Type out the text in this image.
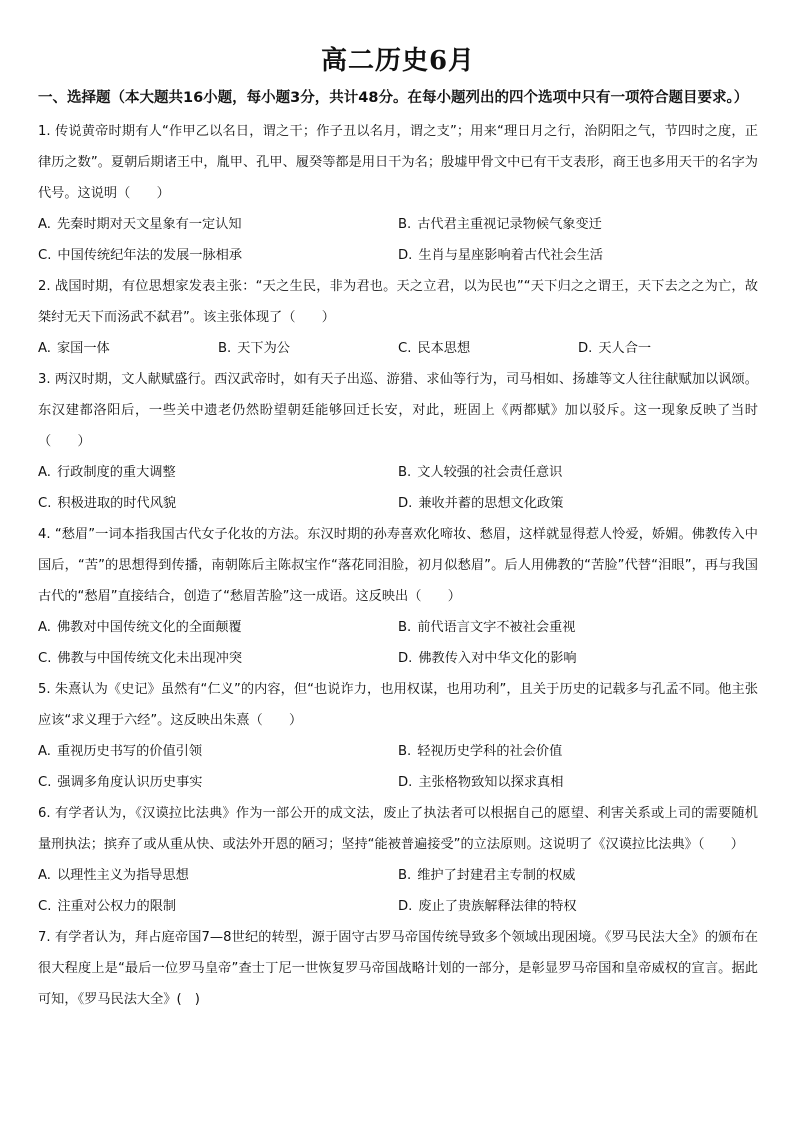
高二历史6月
一、选择题（本大题共16小题，每小题3分，共计48分。在每小题列出的四个选项中只有一项符合题目要求。）

1. 传说黄帝时期有人“作甲乙以名日，谓之干；作子丑以名月，谓之支”；用来“理日月之行，治阴阳之气，节四时之度，正律历之数”。夏朝后期诸王中，胤甲、孔甲、履癸等都是用日干为名；殷墟甲骨文中已有干支表形，商王也多用天干的名字为代号。这说明（　　）

A. 先秦时期对天文星象有一定认知	B. 古代君主重视记录物候气象变迁
C. 中国传统纪年法的发展一脉相承	D. 生肖与星座影响着古代社会生活

2. 战国时期，有位思想家发表主张：“天之生民，非为君也。天之立君，以为民也”“天下归之之谓王，天下去之之为亡，故桀纣无天下而汤武不弑君”。该主张体现了（　　）

A. 家国一体	B. 天下为公	C. 民本思想	D. 天人合一

3. 两汉时期，文人献赋盛行。西汉武帝时，如有天子出巡、游猎、求仙等行为，司马相如、扬雄等文人往往献赋加以讽颂。东汉建都洛阳后，一些关中遗老仍然盼望朝廷能够回迁长安，对此，班固上《两都赋》加以驳斥。这一现象反映了当时（　　）

A. 行政制度的重大调整	B. 文人较强的社会责任意识
C. 积极进取的时代风貌	D. 兼收并蓄的思想文化政策

4. “愁眉”一词本指我国古代女子化妆的方法。东汉时期的孙寿喜欢化啼妆、愁眉，这样就显得惹人怜爱，娇媚。佛教传入中国后，“苦”的思想得到传播，南朝陈后主陈叔宝作“落花同泪脸，初月似愁眉”。后人用佛教的“苦脸”代替“泪眼”，再与我国古代的“愁眉”直接结合，创造了“愁眉苦脸”这一成语。这反映出（　　）

A. 佛教对中国传统文化的全面颠覆	B. 前代语言文字不被社会重视
C. 佛教与中国传统文化未出现冲突	D. 佛教传入对中华文化的影响

5. 朱熹认为《史记》虽然有“仁义”的内容，但“也说诈力，也用权谋，也用功利”，且关于历史的记载多与孔孟不同。他主张应该“求义理于六经”。这反映出朱熹（　　）

A. 重视历史书写的价值引领	B. 轻视历史学科的社会价值
C. 强调多角度认识历史事实	D. 主张格物致知以探求真相

6. 有学者认为，《汉谟拉比法典》作为一部公开的成文法，废止了执法者可以根据自己的愿望、利害关系或上司的需要随机量刑执法；摈弃了或从重从快、或法外开恩的陋习；坚持“能被普遍接受”的立法原则。这说明了《汉谟拉比法典》（　　）

A. 以理性主义为指导思想	B. 维护了封建君主专制的权威
C. 注重对公权力的限制	D. 废止了贵族解释法律的特权

7. 有学者认为，拜占庭帝国7—8世纪的转型，源于固守古罗马帝国传统导致多个领域出现困境。《罗马民法大全》的颁布在很大程度上是“最后一位罗马皇帝”查士丁尼一世恢复罗马帝国战略计划的一部分，是彰显罗马帝国和皇帝威权的宣言。据此可知，《罗马民法大全》(　)
